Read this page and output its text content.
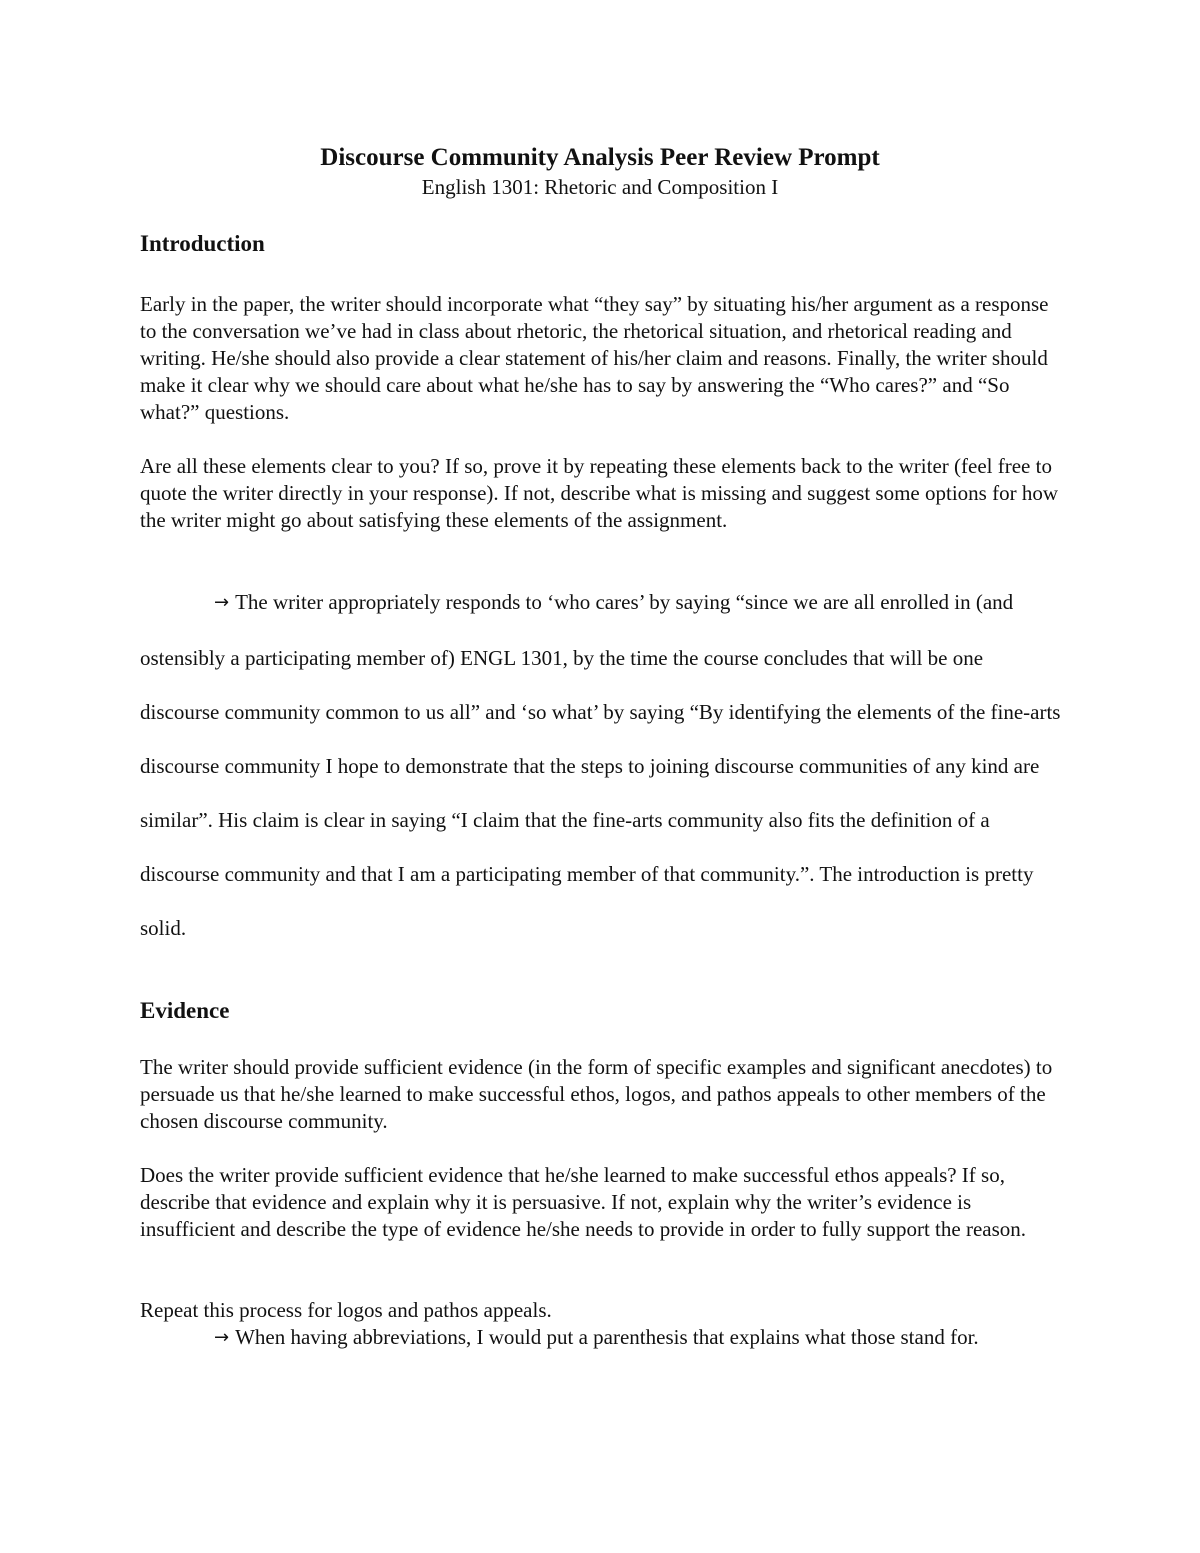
Discourse Community Analysis Peer Review Prompt

English 1301: Rhetoric and Composition I

Introduction

Early in the paper, the writer should incorporate what “they say” by situating his/her argument as a response to the conversation we’ve had in class about rhetoric, the rhetorical situation, and rhetorical reading and writing. He/she should also provide a clear statement of his/her claim and reasons. Finally, the writer should make it clear why we should care about what he/she has to say by answering the “Who cares?” and “So what?” questions.

Are all these elements clear to you? If so, prove it by repeating these elements back to the writer (feel free to quote the writer directly in your response). If not, describe what is missing and suggest some options for how the writer might go about satisfying these elements of the assignment.

→ The writer appropriately responds to ‘who cares’ by saying “since we are all enrolled in (and ostensibly a participating member of) ENGL 1301, by the time the course concludes that will be one discourse community common to us all” and ‘so what’ by saying “By identifying the elements of the fine-arts discourse community I hope to demonstrate that the steps to joining discourse communities of any kind are similar”. His claim is clear in saying “I claim that the fine-arts community also fits the definition of a discourse community and that I am a participating member of that community.”. The introduction is pretty solid.

Evidence

The writer should provide sufficient evidence (in the form of specific examples and significant anecdotes) to persuade us that he/she learned to make successful ethos, logos, and pathos appeals to other members of the chosen discourse community.

Does the writer provide sufficient evidence that he/she learned to make successful ethos appeals? If so, describe that evidence and explain why it is persuasive. If not, explain why the writer’s evidence is insufficient and describe the type of evidence he/she needs to provide in order to fully support the reason.

Repeat this process for logos and pathos appeals.

→ When having abbreviations, I would put a parenthesis that explains what those stand for.
